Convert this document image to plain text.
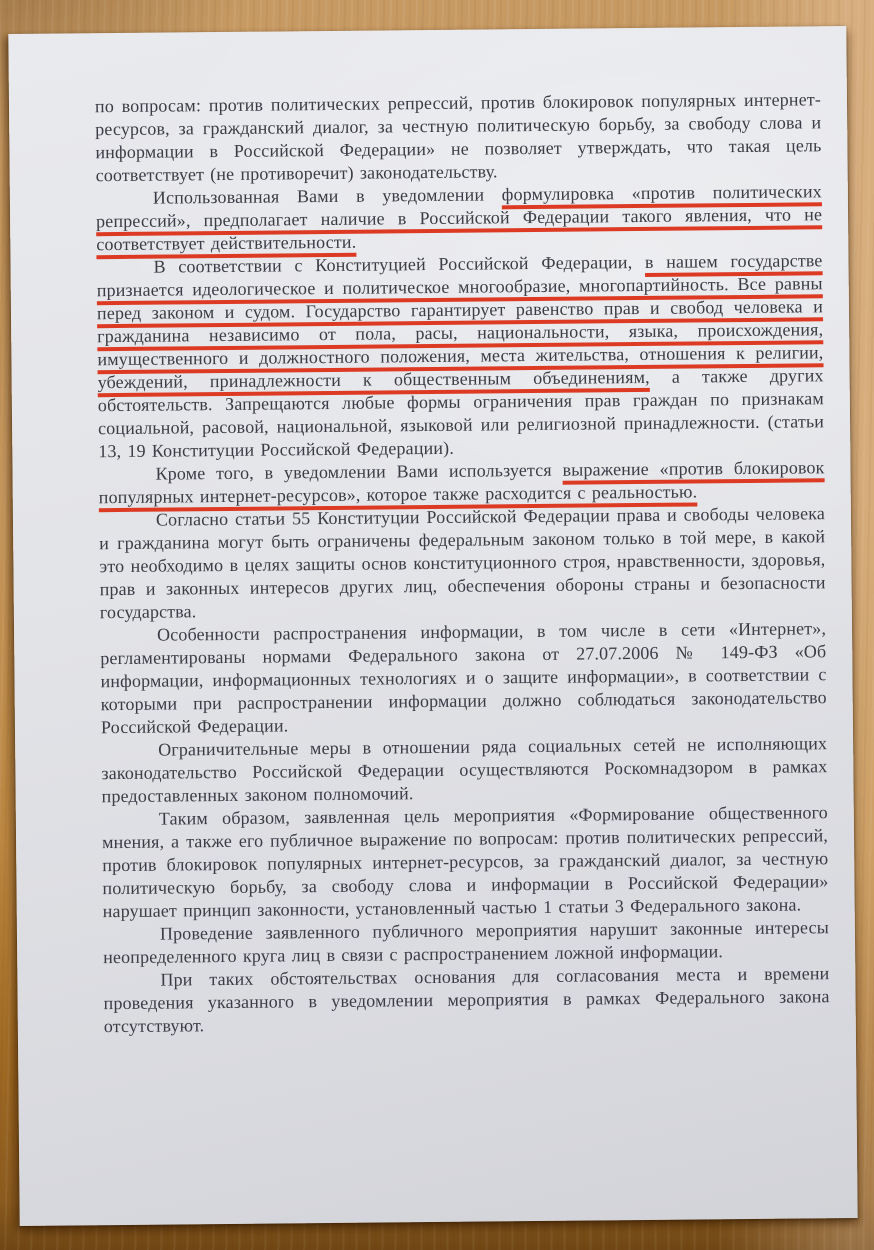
по вопросам: против политических репрессий, против блокировок популярных интернет-ресурсов, за гражданский диалог, за честную политическую борьбу, за свободу слова и информации в Российской Федерации» не позволяет утверждать, что такая цель соответствует (не противоречит) законодательству.

Использованная Вами в уведомлении формулировка «против политических репрессий», предполагает наличие в Российской Федерации такого явления, что не соответствует действительности.

В соответствии с Конституцией Российской Федерации, в нашем государстве признается идеологическое и политическое многообразие, многопартийность. Все равны перед законом и судом. Государство гарантирует равенство прав и свобод человека и гражданина независимо от пола, расы, национальности, языка, происхождения, имущественного и должностного положения, места жительства, отношения к религии, убеждений, принадлежности к общественным объединениям, а также других обстоятельств. Запрещаются любые формы ограничения прав граждан по признакам социальной, расовой, национальной, языковой или религиозной принадлежности. (статьи 13, 19 Конституции Российской Федерации).

Кроме того, в уведомлении Вами используется выражение «против блокировок популярных интернет-ресурсов», которое также расходится с реальностью.

Согласно статьи 55 Конституции Российской Федерации права и свободы человека и гражданина могут быть ограничены федеральным законом только в той мере, в какой это необходимо в целях защиты основ конституционного строя, нравственности, здоровья, прав и законных интересов других лиц, обеспечения обороны страны и безопасности государства.

Особенности распространения информации, в том числе в сети «Интернет», регламентированы нормами Федерального закона от 27.07.2006 № 149-ФЗ «Об информации, информационных технологиях и о защите информации», в соответствии с которыми при распространении информации должно соблюдаться законодательство Российской Федерации.

Ограничительные меры в отношении ряда социальных сетей не исполняющих законодательство Российской Федерации осуществляются Роскомнадзором в рамках предоставленных законом полномочий.

Таким образом, заявленная цель мероприятия «Формирование общественного мнения, а также его публичное выражение по вопросам: против политических репрессий, против блокировок популярных интернет-ресурсов, за гражданский диалог, за честную политическую борьбу, за свободу слова и информации в Российской Федерации» нарушает принцип законности, установленный частью 1 статьи 3 Федерального закона.

Проведение заявленного публичного мероприятия нарушит законные интересы неопределенного круга лиц в связи с распространением ложной информации.

При таких обстоятельствах основания для согласования места и времени проведения указанного в уведомлении мероприятия в рамках Федерального закона отсутствуют.
